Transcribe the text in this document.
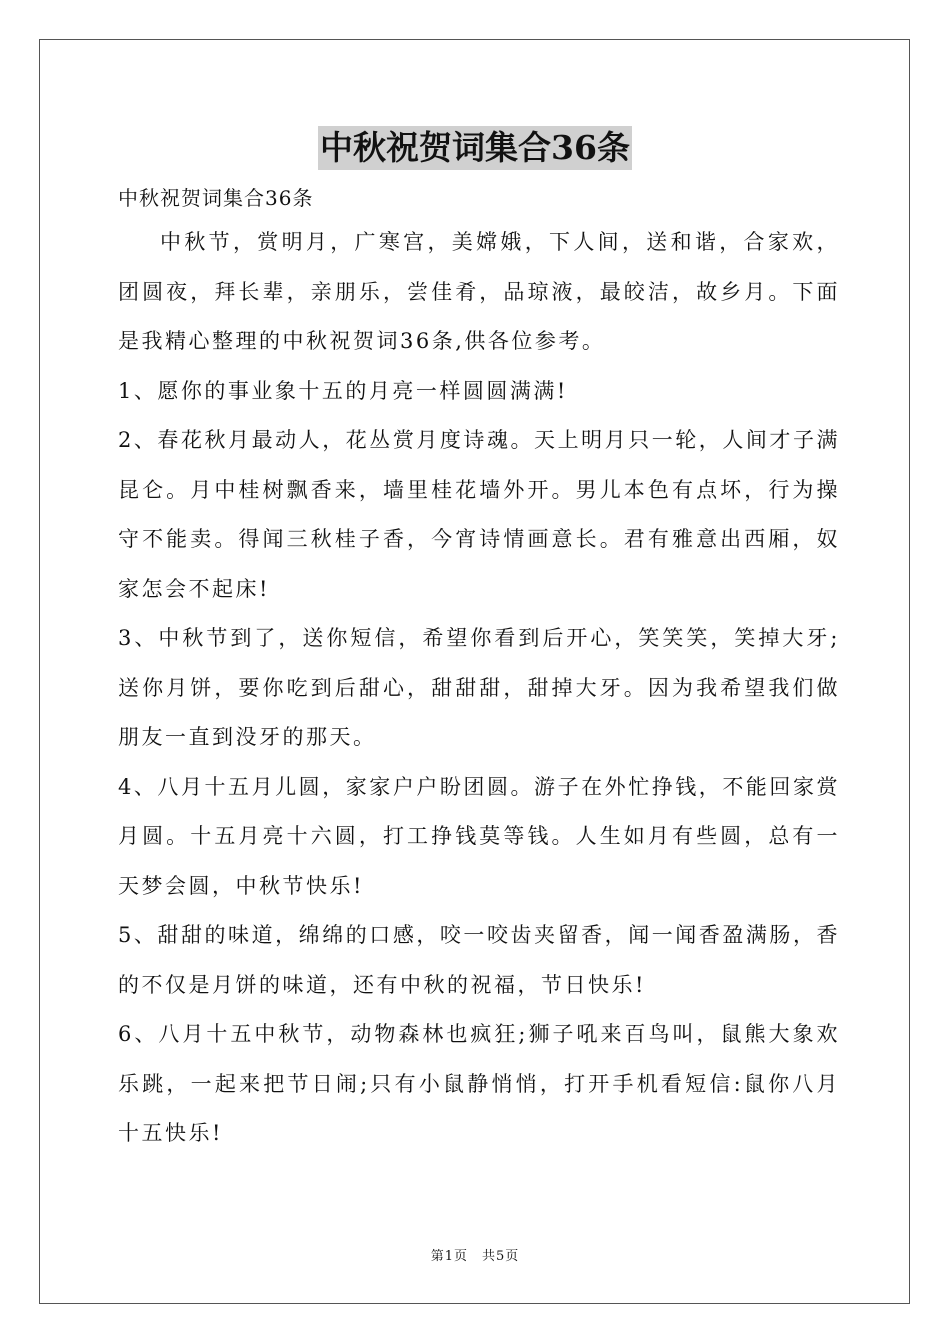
中秋祝贺词集合36条

中秋祝贺词集合36条

中秋节，赏明月，广寒宫，美嫦娥，下人间，送和谐，合家欢，团圆夜，拜长辈，亲朋乐，尝佳肴，品琼液，最皎洁，故乡月。下面是我精心整理的中秋祝贺词36条,供各位参考。

1、愿你的事业象十五的月亮一样圆圆满满!

2、春花秋月最动人，花丛赏月度诗魂。天上明月只一轮，人间才子满昆仑。月中桂树飘香来，墙里桂花墙外开。男儿本色有点坏，行为操守不能卖。得闻三秋桂子香，今宵诗情画意长。君有雅意出西厢，奴家怎会不起床!

3、中秋节到了，送你短信，希望你看到后开心，笑笑笑，笑掉大牙;送你月饼，要你吃到后甜心，甜甜甜，甜掉大牙。因为我希望我们做朋友一直到没牙的那天。

4、八月十五月儿圆，家家户户盼团圆。游子在外忙挣钱，不能回家赏月圆。十五月亮十六圆，打工挣钱莫等钱。人生如月有些圆，总有一天梦会圆，中秋节快乐!

5、甜甜的味道，绵绵的口感，咬一咬齿夹留香，闻一闻香盈满肠，香的不仅是月饼的味道，还有中秋的祝福，节日快乐!

6、八月十五中秋节，动物森林也疯狂;狮子吼来百鸟叫，鼠熊大象欢乐跳，一起来把节日闹;只有小鼠静悄悄，打开手机看短信:鼠你八月十五快乐!

第1页 共5页
